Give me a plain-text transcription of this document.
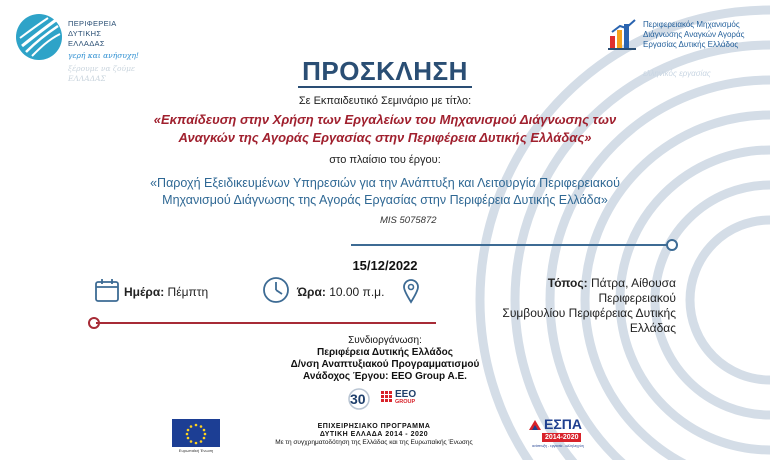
ΠΕΡΙΦΕΡΕΙΑ
ΔΥΤΙΚΗΣ
ΕΛΛΑΔΑΣ
γερή και ανήσυχη!
ξέρουμε να ζούμε
ΕΛΛΑΔΑΣ
Περιφερειακός Μηχανισμός
Διάγνωσης Αναγκών Αγοράς
Εργασίας Δυτικής Ελλάδος
ελληνικός εργασίας
ΠΡΟΣΚΛΗΣΗ
Σε Εκπαιδευτικό Σεμινάριο με τίτλο:
«Εκπαίδευση στην Χρήση των Εργαλείων του Μηχανισμού Διάγνωσης των
Αναγκών της Αγοράς Εργασίας στην Περιφέρεια Δυτικής Ελλάδας»
στο πλαίσιο του έργου:
«Παροχή Εξειδικευμένων Υπηρεσιών για την Ανάπτυξη και Λειτουργία Περιφερειακού
Μηχανισμού Διάγνωσης της Αγοράς Εργασίας στην Περιφέρεια Δυτικής Ελλάδα»
MIS 5075872
15/12/2022
Ημέρα: Πέμπτη	Ώρα: 10.00 π.μ.
Τόπος: Πάτρα, Αίθουσα Περιφερειακού
Συμβουλίου Περιφέρειας Δυτικής Ελλάδας
Συνδιοργάνωση:
Περιφέρεια Δυτικής Ελλάδος
Δ/νση Αναπτυξιακού Προγραμματισμού
Ανάδοχος Έργου: EEO Group A.E.
30	EEO
GROUP
Ευρωπαϊκή Ένωση
ΕΠΙΧΕΙΡΗΣΙΑΚΟ ΠΡΟΓΡΑΜΜΑ
ΔΥΤΙΚΗ ΕΛΛΑΔΑ 2014 - 2020
Με τη συγχρηματοδότηση της Ελλάδας και της Ευρωπαϊκής Ένωσης
ΕΣΠΑ
2014-2020
ανάπτυξη - εργασία - αλληλεγγύη
